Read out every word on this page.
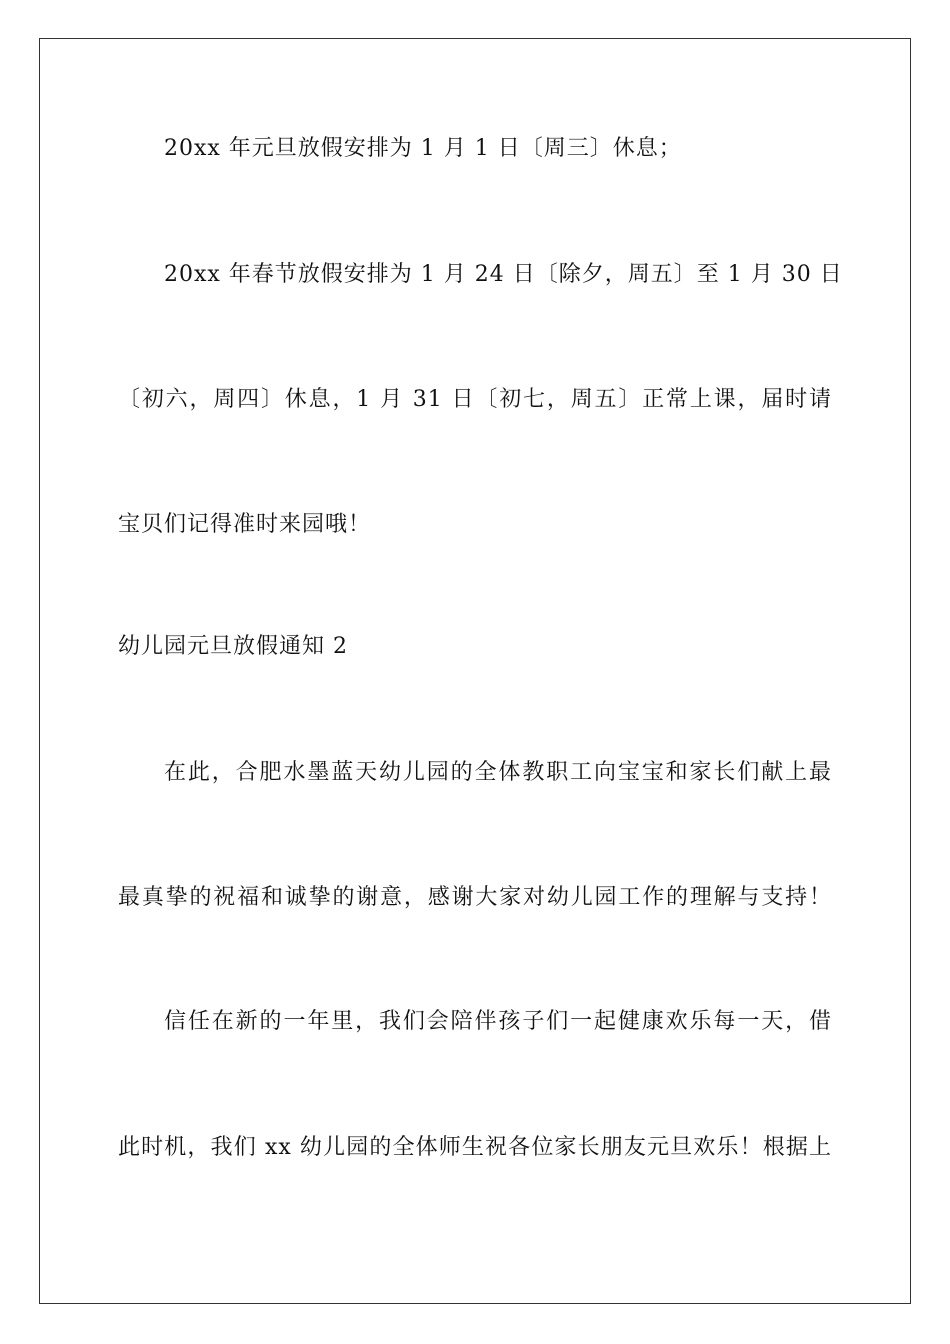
20xx 年元旦放假安排为 1 月 1 日〔周三〕休息；
20xx 年春节放假安排为 1 月 24 日〔除夕，周五〕至 1 月 30 日
〔初六，周四〕休息，1 月 31 日〔初七，周五〕正常上课，届时请
宝贝们记得准时来园哦！
幼儿园元旦放假通知 2
在此，合肥水墨蓝天幼儿园的全体教职工向宝宝和家长们献上最
最真挚的祝福和诚挚的谢意，感谢大家对幼儿园工作的理解与支持！
信任在新的一年里，我们会陪伴孩子们一起健康欢乐每一天，借
此时机，我们 xx 幼儿园的全体师生祝各位家长朋友元旦欢乐！根据上
